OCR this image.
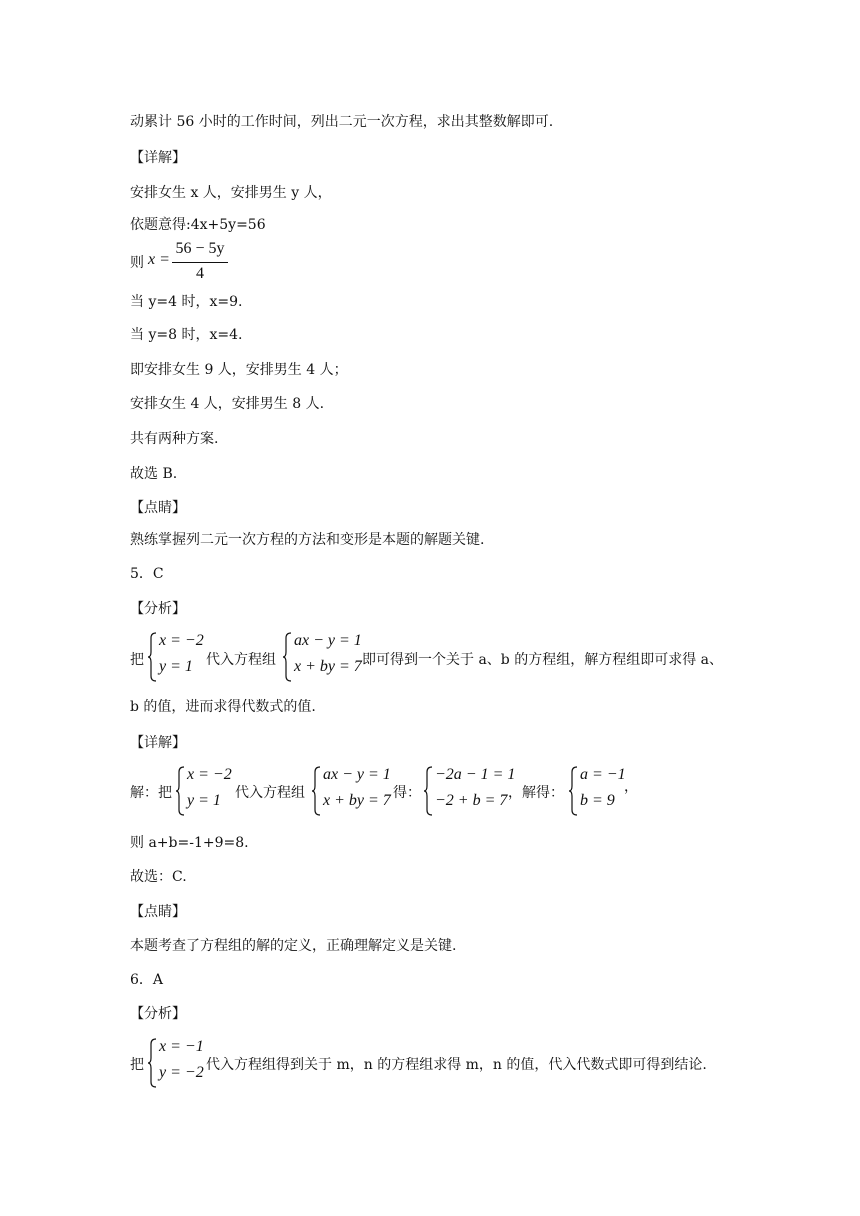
动累计 56 小时的工作时间，列出二元一次方程，求出其整数解即可.
【详解】
安排女生 x 人，安排男生 y 人，
依题意得:4x+5y=56
则 x =
56 − 5y
4
当 y=4 时，x=9.
当 y=8 时，x=4.
即安排女生 9 人，安排男生 4 人；
安排女生 4 人，安排男生 8 人.
共有两种方案.
故选 B.
【点睛】
熟练掌握列二元一次方程的方法和变形是本题的解题关键.
5．C
【分析】
把
x = −2
y = 1 代入方程组
ax − y = 1
x + by = 7 即可得到一个关于 a、b 的方程组，解方程组即可求得 a、
b 的值，进而求得代数式的值.
【详解】
解：把
x = −2
y = 1 代入方程组
ax − y = 1
x + by = 7 得：
−2a − 1 = 1
−2 + b = 7 ，解得：
a = −1
b = 9
，
则 a+b=-1+9=8.
故选：C.
【点睛】
本题考查了方程组的解的定义，正确理解定义是关键.
6．A
【分析】
把
x = −1
y = −2 代入方程组得到关于 m，n 的方程组求得 m，n 的值，代入代数式即可得到结论.
